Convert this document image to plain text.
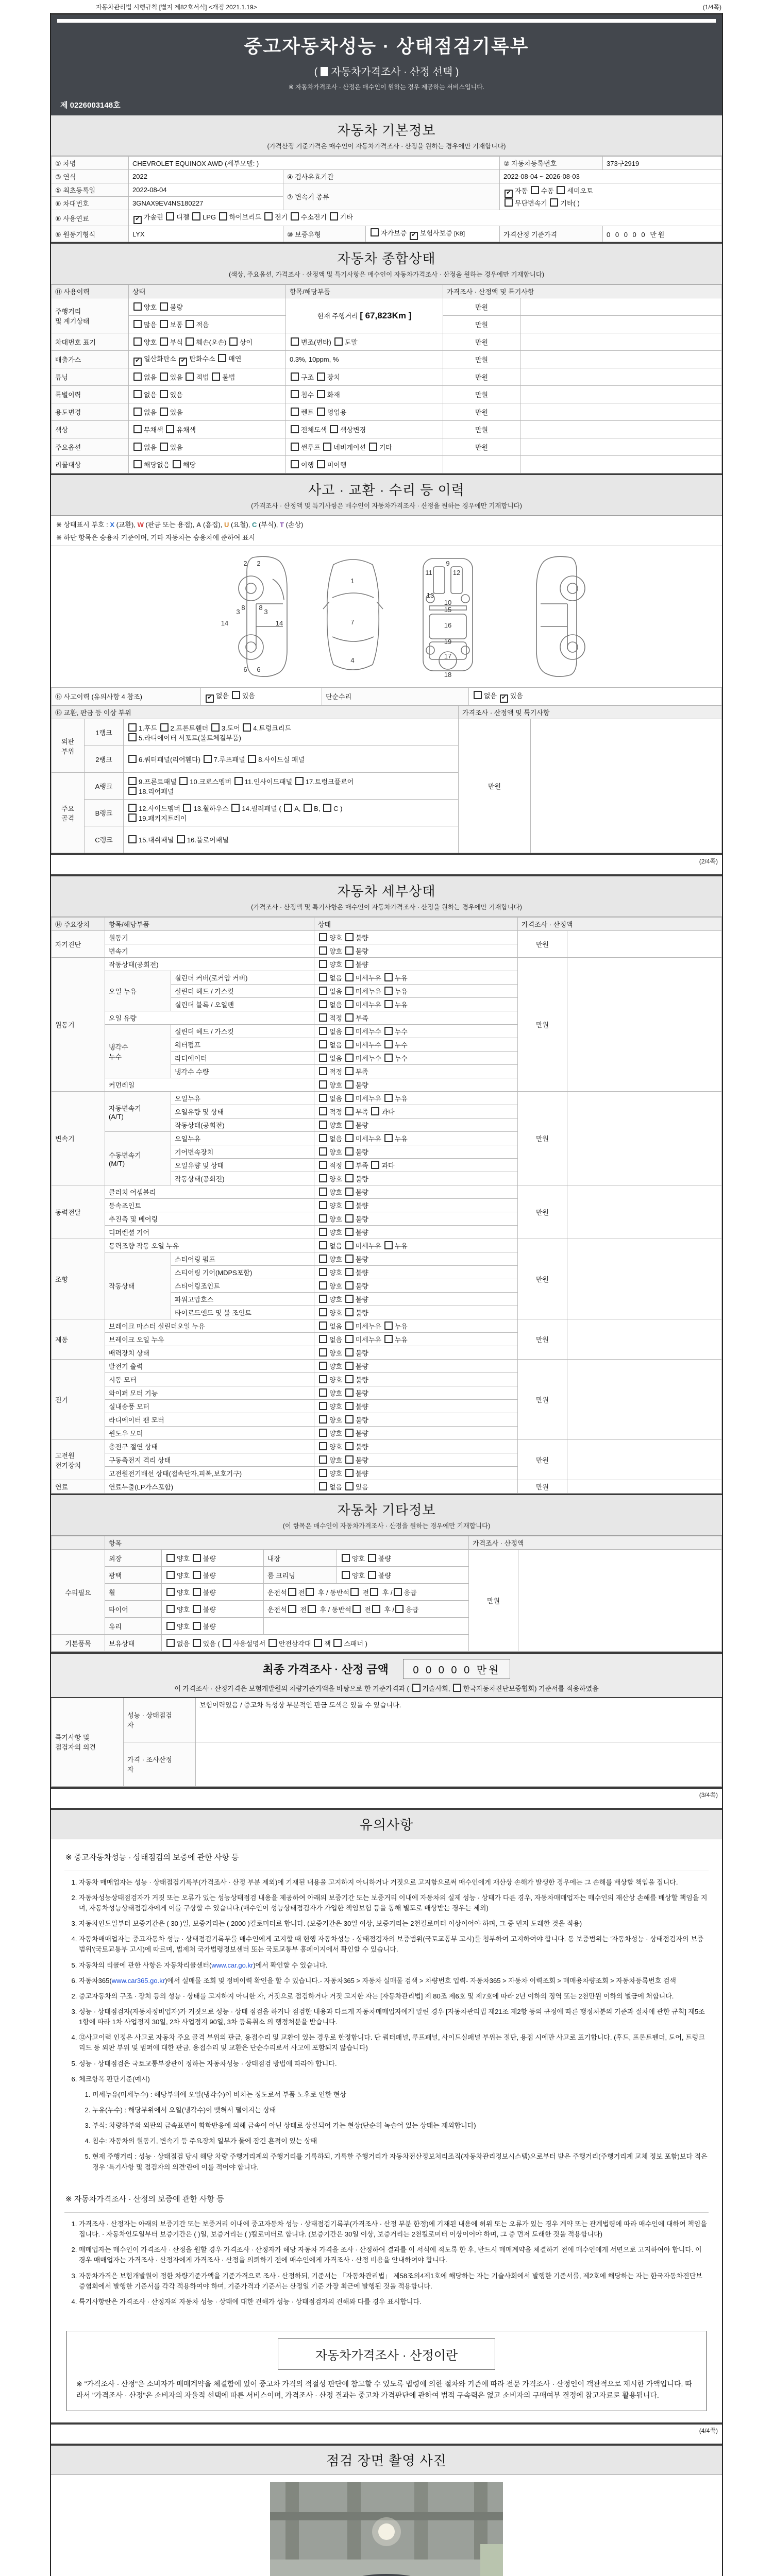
자동차관리법 시행규칙 [별지 제82호서식] <개정 2021.1.19>	(1/4쪽)
중고자동차성능 · 상태점검기록부
( 자동차가격조사 · 산정 선택 )
※ 자동차가격조사 · 산정은 매수인이 원하는 경우 제공하는 서비스입니다.
제 0226003148호
자동차 기본정보
(가격산정 기준가격은 매수인이 자동차가격조사 · 산정을 원하는 경우에만 기재합니다)
① 차명	CHEVROLET EQUINOX AWD (세부모델: )			② 자동차등록번호	373구2919
③ 연식	2022	④ 검사유효기간		2022-08-04 ~ 2026-08-03	
⑤ 최초등록일	2022-08-04	⑦ 변속기 종류		✔ 자동 수동 세미오토
무단변속기 기타( )	
⑥ 차대번호	3GNAX9EV4NS180227				
⑧ 사용연료	✔ 가솔린 디젤 LPG 하이브리드 전기 수소전기 기타				
⑨ 원동기형식	LYX	⑩ 보증유형	자가보증 ✔ 보험사보증 [KB]	가격산정 기준가격	0 0 0 0 0 만원
자동차 종합상태
(색상, 주요옵션, 가격조사 · 산정액 및 특기사항은 매수인이 자동차가격조사 · 산정을 원하는 경우에만 기재합니다)
⑪ 사용이력	상태	항목/해당부품	가격조사 · 산정액 및 특기사항	
주행거리
및 계기상태	양호 불량	현재 주행거리 [ 67,823Km ]	만원	
	많음 보통 적음		만원	
차대번호 표기	양호 부식 훼손(오손) 상이	변조(변타) 도말	만원	
배출가스	✔ 일산화탄소 ✔ 탄화수소 매연	0.3%, 10ppm, %	만원	
튜닝	없음 있음 적법 불법	구조 장치	만원	
특별이력	없음 있음	침수 화재	만원	
용도변경	없음 있음	렌트 영업용	만원	
색상	무채색 유채색	전체도색 색상변경	만원	
주요옵션	없음 있음	썬루프 네비게이션 기타	만원	
리콜대상	해당없음 해당	이행 미이행		
사고 · 교환 · 수리 등 이력
(가격조사 · 산정액 및 특기사항은 매수인이 자동차가격조사 · 산정을 원하는 경우에만 기재합니다)
※ 상태표시 부호 : X (교환), W (판금 또는 용접), A (흠집), U (요철), C (부식), T (손상)
※ 하단 항목은 승용차 기준이며, 기타 자동차는 승용차에 준하여 표시
1
2
2
3
3
4
6
6
7
8 8
9
10
11	12
13
14
14
15
16
17
18
19
⑫ 사고이력 (유의사항 4 참조)	✔ 없음 있음	단순수리	없음 ✔ 있음
⑬ 교환, 판금 등 이상 부위			가격조사 · 산정액 및 특기사항	
외판
부위	1랭크	1.후드 2.프론트휀더 3.도어 4.트렁크리드
5.라디에이터 서포트(볼트체결부품)	만원	
	2랭크	6.쿼터패널(리어휀다) 7.루프패널 8.사이드실 패널		
주요
골격	A랭크	9.프론트패널 10.크로스멤버 11.인사이드패널 17.트렁크플로어
18.리어패널		
	B랭크	12.사이드멤버 13.휠하우스 14.필러패널 ( A, B, C )
19.패키지트레이		
	C랭크	15.대쉬패널 16.플로어패널		
(2/4쪽)
자동차 세부상태
(가격조사 · 산정액 및 특기사항은 매수인이 자동차가격조사 · 산정을 원하는 경우에만 기재합니다)
⑭ 주요장치	항목/해당부품		상태	가격조사 · 산정액	
자기진단	원동기		양호 불량	만원	
	변속기		양호 불량		
원동기	작동상태(공회전)		양호 불량	만원	
	오일 누유	실린더 커버(로커암 커버)	없음 미세누유 누유		
		실린더 헤드 / 가스킷	없음 미세누유 누유		
		실린더 블록 / 오일팬	없음 미세누유 누유		
	오일 유량		적정 부족		
	냉각수
누수	실린더 헤드 / 가스킷	없음 미세누수 누수		
		워터펌프	없음 미세누수 누수		
		라디에이터	없음 미세누수 누수		
		냉각수 수량	적정 부족		
	커먼레일		양호 불량		
변속기	자동변속기
(A/T)	오일누유	없음 미세누유 누유	만원	
		오일유량 및 상태	적정 부족 과다		
		작동상태(공회전)	양호 불량		
	수동변속기
(M/T)	오일누유	없음 미세누유 누유		
		기어변속장치	양호 불량		
		오일유량 및 상태	적정 부족 과다		
		작동상태(공회전)	양호 불량		
동력전달	클러치 어셈블리		양호 불량	만원	
	등속죠인트		양호 불량		
	추진축 및 베어링		양호 불량		
	디퍼렌셜 기어		양호 불량		
조향	동력조향 작동 오일 누유		없음 미세누유 누유	만원	
	작동상태	스티어링 펌프	양호 불량		
		스티어링 기어(MDPS포함)	양호 불량		
		스티어링조인트	양호 불량		
		파워고압호스	양호 불량		
		타이로드엔드 및 볼 조인트	양호 불량		
제동	브레이크 마스터 실린더오일 누유		없음 미세누유 누유	만원	
	브레이크 오일 누유		없음 미세누유 누유		
	배력장치 상태		양호 불량		
전기	발전기 출력		양호 불량	만원	
	시동 모터		양호 불량		
	와이퍼 모터 기능		양호 불량		
	실내송풍 모터		양호 불량		
	라디에이터 팬 모터		양호 불량		
	윈도우 모터		양호 불량		
고전원
전기장치	충전구 절연 상태		양호 불량	만원	
	구동축전지 격리 상태		양호 불량		
	고전원전기배선 상태(접속단자,피복,보호기구)		양호 불량		
연료	연료누출(LP가스포함)		없음 있음	만원	
자동차 기타정보
(이 항목은 매수인이 자동차가격조사 · 산정을 원하는 경우에만 기재합니다)
	항목				가격조사 · 산정액	
수리필요	외장	양호 불량	내장	양호 불량	만원	
	광택	양호 불량	룸 크리닝	양호 불량		
	휠	양호 불량	운전석 전 후 / 동반석 전 후 / 응급			
	타이어	양호 불량	운전석 전 후 / 동반석 전 후 / 응급			
	유리	양호 불량				
기본품목	보유상태	없음 있음 ( 사용설명서 안전삼각대 잭 스패너 )				
최종 가격조사 · 산정 금액 0 0 0 0 0 만원
이 가격조사 · 산정가격은 보험개발원의 차량기준가액을 바탕으로 한 기준가격과 ( 기술사회, 한국자동차진단보증협회) 기준서를 적용하였음
특기사항 및
점검자의 의견	성능 · 상태점검
자	보험이력있음 / 중고차 특성상 부분적인 판금 도색은 있을 수 있습니다.
	가격 · 조사산정
자	
(3/4쪽)
유의사항
※ 중고자동차성능 · 상태점검의 보증에 관한 사항 등
1. 자동차 매매업자는 성능 · 상태점검기록부(가격조사 · 산정 부분 제외)에 기재된 내용을 고지하지 아니하거나 거짓으로 고지함으로써 매수인에게 재산상 손해가 발생한 경우에는 그 손해를 배상할 책임을 집니다.
2. 자동차성능상태점검자가 거짓 또는 오류가 있는 성능상태점검 내용을 제공하여 아래의 보증기간 또는 보증거리 이내에 자동차의 실제 성능 · 상태가 다른 경우, 자동차매매업자는 매수인의 재산상 손해를 배상할 책임을 지며, 자동차성능상태점검자에게 이를 구상할 수 있습니다.(매수인이 성능상태점검자가 가입한 책임보험 등을 통해 별도로 배상받는 경우는 제외)
3. 자동차인도일부터 보증기간은 ( 30 )일, 보증거리는 ( 2000 )킬로미터로 합니다. (보증기간은 30일 이상, 보증거리는 2천킬로미터 이상이어야 하며, 그 중 먼저 도래한 것을 적용)
4. 자동차매매업자는 중고자동차 성능 · 상태점검기록부를 매수인에게 고지할 때 현행 자동차성능 · 상태점검자의 보증범위(국토교통부 고시)를 첨부하여 고지하여야 합니다. 동 보증범위는 '자동차성능 · 상태점검자의 보증범위'(국토교통부 고시)에 따르며, 법제처 국가법령정보센터 또는 국토교통부 홈페이지에서 확인할 수 있습니다.
5. 자동차의 리콜에 관한 사항은 자동차리콜센터(www.car.go.kr)에서 확인할 수 있습니다.
6. 자동차365(www.car365.go.kr)에서 실매물 조회 및 정비이력 확인을 할 수 있습니다.- 자동차365 > 자동차 실매물 검색 > 차량번호 입력- 자동차365 > 자동차 이력조회 > 매매용차량조회 > 자동차등록번호 검색
2. 중고자동차의 구조 · 장치 등의 성능 · 상태를 고지하지 아니한 자, 거짓으로 점검하거나 거짓 고지한 자는 [자동차관리법] 제 80조 제6호 및 제7호에 따라 2년 이하의 징역 또는 2천만원 이하의 벌금에 처합니다.
3. 성능 · 상태점검자(자동차정비업자)가 거짓으로 성능 · 상태 점검을 하거나 점검한 내용과 다르게 자동차매매업자에게 알린 경우 [자동차관리법 제21조 제2항 등의 규정에 따른 행정처분의 기준과 절차에 관한 규칙] 제5조 1항에 따라 1차 사업정지 30일, 2차 사업정지 90일, 3차 등록취소 의 행정처분을 받습니다.
4. ⑫사고이력 인정은 사고로 자동차 주요 골격 부위의 판금, 용접수리 및 교환이 있는 경우로 한정합니다. 단 쿼터패널, 루프패널, 사이드실패널 부위는 절단, 용접 시에만 사고로 표기합니다. (후드, 프론트펜더, 도어, 트렁크리드 등 외판 부위 및 범퍼에 대한 판금, 용접수리 및 교환은 단순수리로서 사고에 포함되지 않습니다)
5. 성능 · 상태점검은 국토교통부장관이 정하는 자동차성능 · 상태점검 방법에 따라야 합니다.
6. 체크항목 판단기준(예시)
1. 미세누유(미세누수) : 해당부위에 오일(냉각수)이 비치는 정도로서 부품 노후로 인한 현상
2. 누유(누수) : 해당부위에서 오일(냉각수)이 맺혀서 떨어지는 상태
3. 부식: 차량하부와 외판의 금속표면이 화학반응에 의해 금속이 아닌 상태로 상실되어 가는 현상(단순히 녹슬어 있는 상태는 제외합니다)
4. 침수: 자동차의 원동기, 변속기 등 주요장치 일부가 물에 잠긴 흔적이 있는 상태
5. 현재 주행거리 : 성능 · 상태점검 당시 해당 차량 주행거리계의 주행거리를 기록하되, 기록한 주행거리가 자동차전산정보처리조직(자동차관리정보시스템)으로부터 받은 주행거리(주행거리계 교체 정보 포함)보다 적은 경우 '특기사항 및 점검자의 의견'란에 이를 적어야 합니다.
※ 자동차가격조사 · 산정의 보증에 관한 사항 등
1. 가격조사 · 산정자는 아래의 보증기간 또는 보증거리 이내에 중고자동차 성능 · 상태점검기록부(가격조사 · 산정 부분 한정)에 기재된 내용에 허위 또는 오류가 있는 경우 계약 또는 관계법령에 따라 매수인에 대하여 책임을 집니다. · 자동차인도일부터 보증기간은 ( )일, 보증거리는 ( )킬로미터로 합니다. (보증기간은 30일 이상, 보증거리는 2천킬로미터 이상이어야 하며, 그 중 먼저 도래한 것을 적용합니다)
2. 매매업자는 매수인이 가격조사 · 산정을 원할 경우 가격조사 · 산정자가 해당 자동차 가격을 조사 · 산정하여 결과를 이 서식에 적도록 한 후, 반드시 매매계약을 체결하기 전에 매수인에게 서면으로 고지하여야 합니다. 이 경우 매매업자는 가격조사 · 산정자에게 가격조사 · 산정을 의뢰하기 전에 매수인에게 가격조사 · 산정 비용을 안내하여야 합니다.
3. 자동차가격은 보험개발원이 정한 차량기준가액을 기준가격으로 조사 · 산정하되, 기준서는 「자동차관리법」 제58조의4제1호에 해당하는 자는 기술사회에서 발행한 기준서를, 제2호에 해당하는 자는 한국자동차진단보증협회에서 발행한 기준서를 각각 적용하여야 하며, 기준가격과 기준서는 산정일 기준 가장 최근에 발행된 것을 적용합니다.
4. 특기사항란은 가격조사 · 산정자의 자동차 성능 · 상태에 대한 견해가 성능 · 상태점검자의 견해와 다를 경우 표시합니다.
자동차가격조사 · 산정이란
※ "가격조사 · 산정"은 소비자가 매매계약을 체결함에 있어 중고차 가격의 적절성 판단에 참고할 수 있도록 법령에 의한 절차와 기준에 따라 전문 가격조사 · 산정인이 객관적으로 제시한 가액입니다. 따라서 "가격조사 · 산정"은 소비자의 자율적 선택에 따른 서비스이며, 가격조사 · 산정 결과는 중고차 가격판단에 관하여 법적 구속력은 없고 소비자의 구매여부 결정에 참고자료로 활용됩니다.
(4/4쪽)
점검 장면 촬영 사진
